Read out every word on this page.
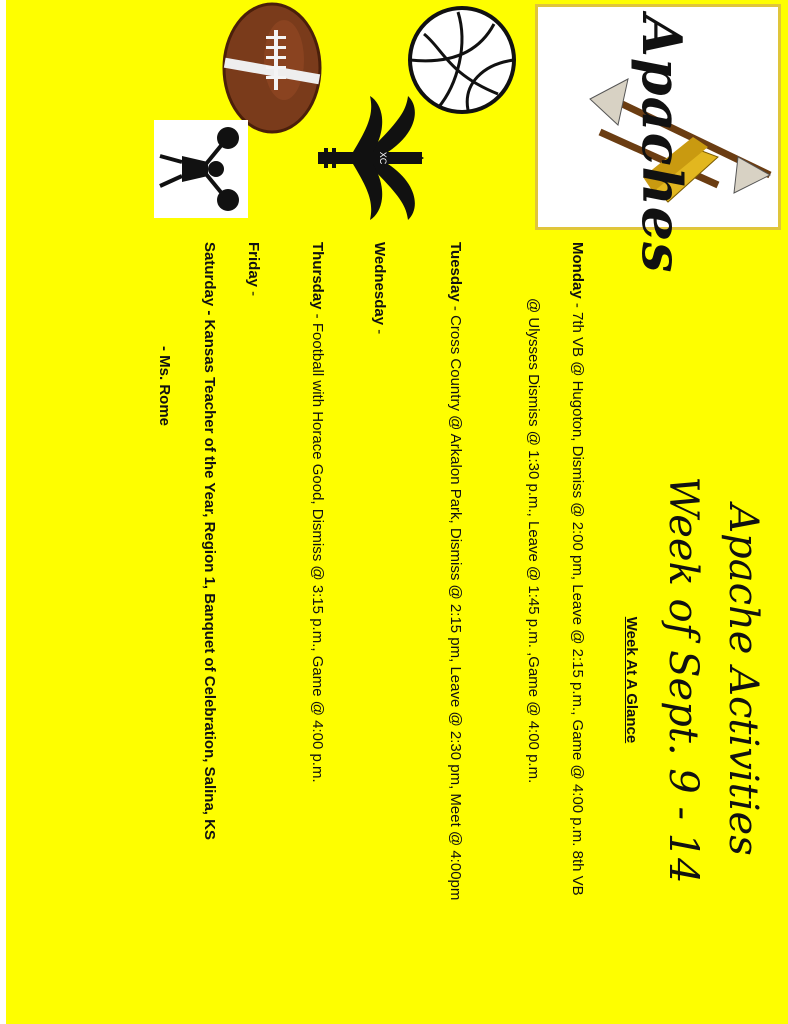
Apaches
Apache Activities
Week of Sept. 9 - 14
Week At A Glance
Monday - 7th VB @ Hugoton, Dismiss @ 2:00 pm, Leave @ 2:15 p.m., Game @ 4:00 p.m. 8th VB
@ Ulysses Dismiss @ 1:30 p.m., Leave @ 1:45 p.m. ,Game @ 4:00 p.m.
Tuesday - Cross Country @ Arkalon Park, Dismiss @ 2:15 pm, Leave @ 2:30 pm, Meet @ 4:00pm
Wednesday -
Thursday - Football with Horace Good, Dismiss @ 3:15 p.m., Game @ 4:00 p.m.
Friday -
Saturday - Kansas Teacher of the Year, Region 1, Banquet of Celebration, Salina, KS
- Ms. Rome
XC
